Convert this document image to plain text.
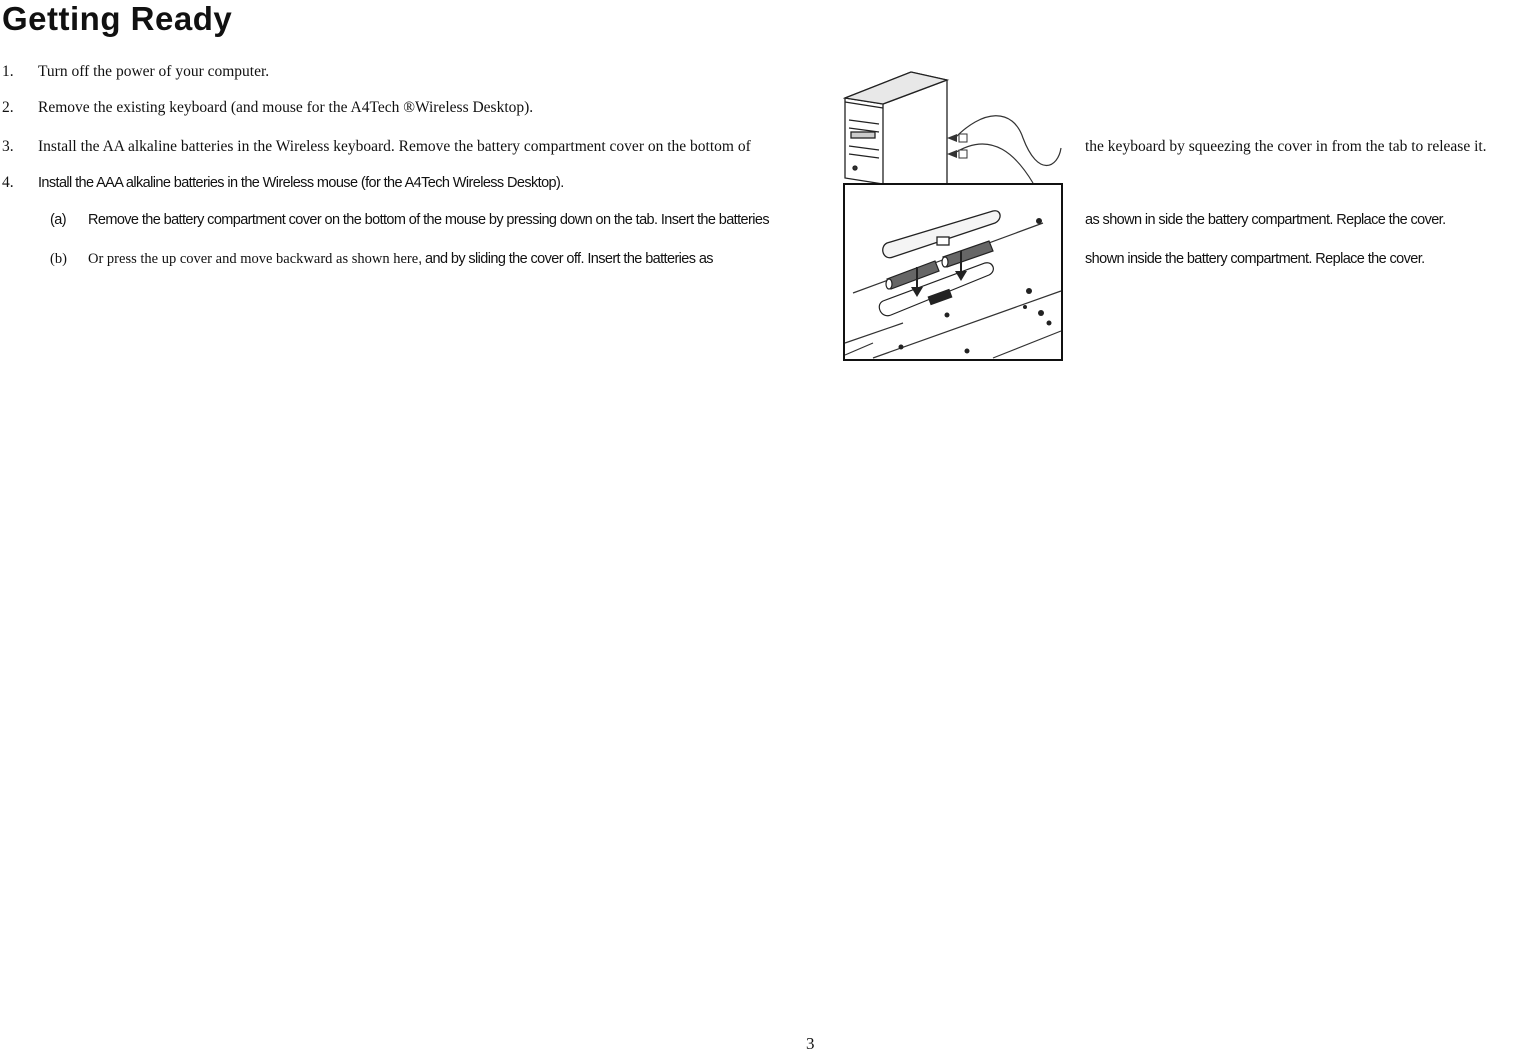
Getting Ready
1. Turn off the power of your computer.
2. Remove the existing keyboard (and mouse for the A4Tech ®Wireless Desktop).
3. Install the AA alkaline batteries in the Wireless keyboard. Remove the battery compartment cover on the bottom of	the keyboard by squeezing the cover in from the tab to release it.
4. Install the AAA alkaline batteries in the Wireless mouse (for the A4Tech Wireless Desktop).
(a) Remove the battery compartment cover on the bottom of the mouse by pressing down on the tab. Insert the batteries	as shown in side the battery compartment. Replace the cover.
(b) Or press the up cover and move backward as shown here, and by sliding the cover off. Insert the batteries as	shown inside the battery compartment. Replace the cover.
3
